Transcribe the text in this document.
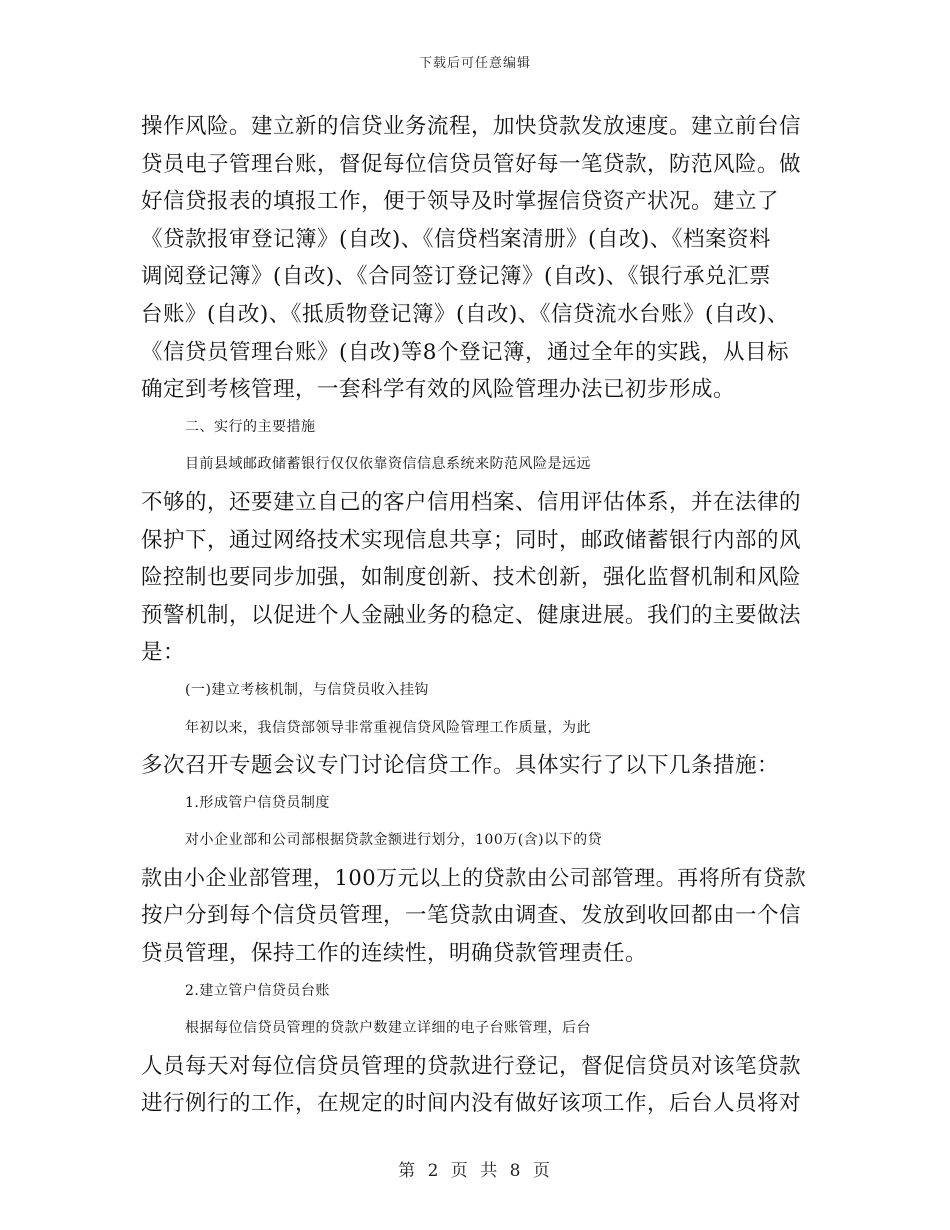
下载后可任意编辑
操作风险。建立新的信贷业务流程，加快贷款发放速度。建立前台信
贷员电子管理台账，督促每位信贷员管好每一笔贷款，防范风险。做
好信贷报表的填报工作，便于领导及时掌握信贷资产状况。建立了
《贷款报审登记簿》(自改)、《信贷档案清册》(自改)、《档案资料
调阅登记簿》(自改)、《合同签订登记簿》(自改)、《银行承兑汇票
台账》(自改)、《抵质物登记簿》(自改)、《信贷流水台账》(自改)、
《信贷员管理台账》(自改)等8个登记簿，通过全年的实践，从目标
确定到考核管理，一套科学有效的风险管理办法已初步形成。
二、实行的主要措施
目前县域邮政储蓄银行仅仅依靠资信信息系统来防范风险是远远
不够的，还要建立自己的客户信用档案、信用评估体系，并在法律的
保护下，通过网络技术实现信息共享；同时，邮政储蓄银行内部的风
险控制也要同步加强，如制度创新、技术创新，强化监督机制和风险
预警机制，以促进个人金融业务的稳定、健康进展。我们的主要做法
是：
(一)建立考核机制，与信贷员收入挂钩
年初以来，我信贷部领导非常重视信贷风险管理工作质量，为此
多次召开专题会议专门讨论信贷工作。具体实行了以下几条措施：
1.形成管户信贷员制度
对小企业部和公司部根据贷款金额进行划分，100万(含)以下的贷
款由小企业部管理，100万元以上的贷款由公司部管理。再将所有贷款
按户分到每个信贷员管理，一笔贷款由调查、发放到收回都由一个信
贷员管理，保持工作的连续性，明确贷款管理责任。
2.建立管户信贷员台账
根据每位信贷员管理的贷款户数建立详细的电子台账管理，后台
人员每天对每位信贷员管理的贷款进行登记，督促信贷员对该笔贷款
进行例行的工作，在规定的时间内没有做好该项工作，后台人员将对
第 2 页 共 8 页
